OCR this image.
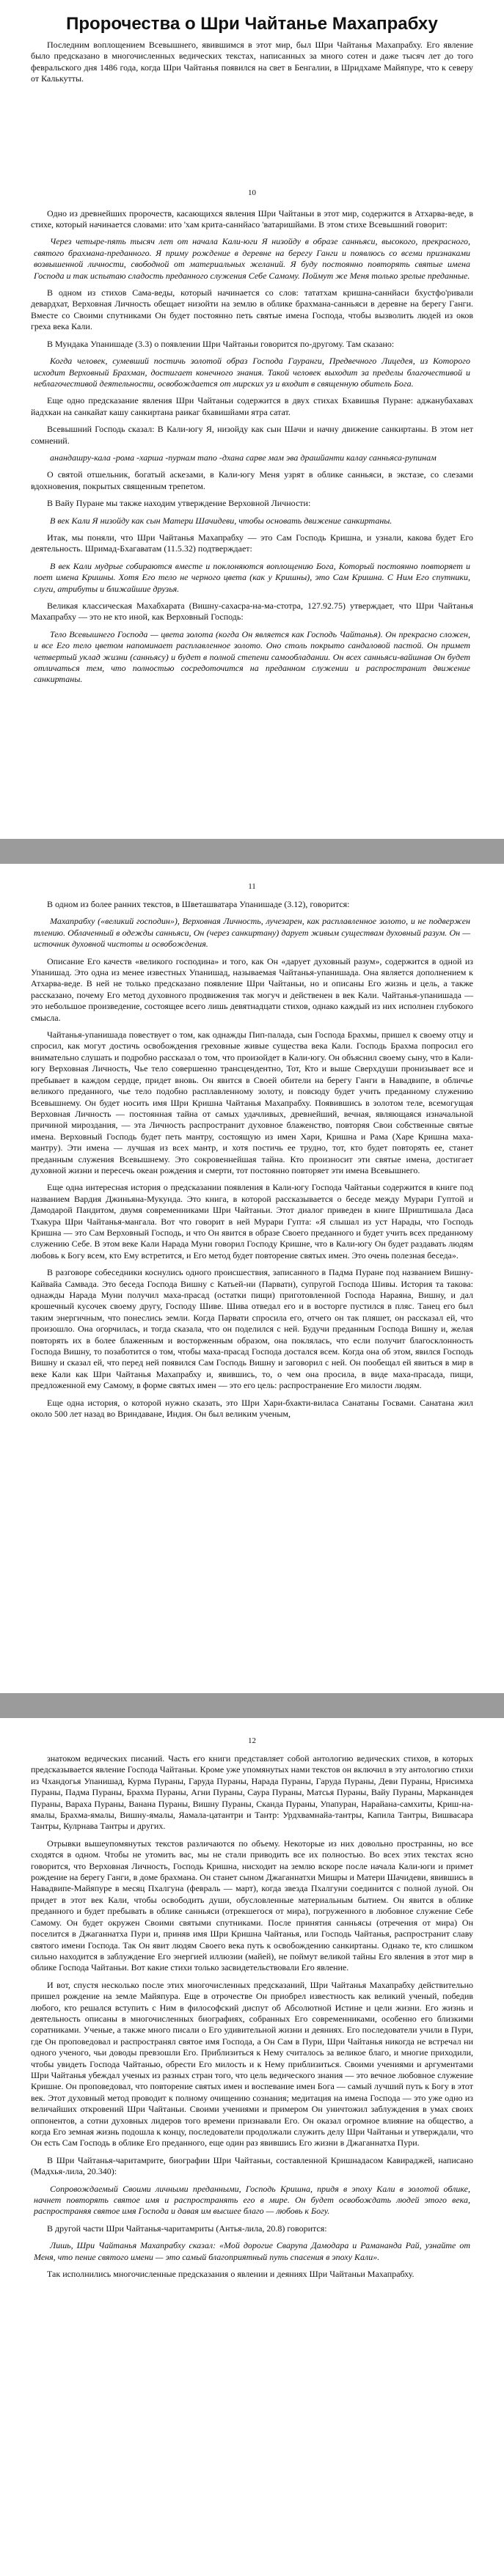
Пророчества о Шри Чайтанье Махапрабху

Последним воплощением Всевышнего, явившимся в этот мир, был Шри Чайтанья Махапрабху. Его явление было предсказано в многочисленных ведических текстах, написанных за много сотен и даже тысяч лет до того февральского дня 1486 года, когда Шри Чайтанья появился на свет в Бенгалии, в Шридхаме Майяпуре, что к северу от Калькутты.

10

Одно из древнейших пророчеств, касающихся явления Шри Чайтаньи в этот мир, содержится в Атхарва-веде, в стихе, который начинается словами: ито 'хам крита-саннйасо 'ватаришйами. В этом стихе Всевышний говорит:

Через четыре-пять тысяч лет от начала Кали-юги Я низойду в образе санньяси, высокого, прекрасного, святого брахмана-преданного. Я приму рождение в деревне на берегу Ганги и появлюсь со всеми признаками возвышенной личности, свободной от материальных желаний. Я буду постоянно повторять святые имена Господа и так испытаю сладость преданного служения Себе Самому. Поймут же Меня только зрелые преданные.

В одном из стихов Сама-веды, который начинается со слов: тататхам кришна-саннйаси бхустфо'ривали девардхат, Верховная Личность обещает низойти на землю в облике брахмана-санньяси в деревне на берегу Ганги. Вместе со Своими спутниками Он будет постоянно петь святые имена Господа, чтобы вызволить людей из оков греха века Кали.

В Мундака Упанишаде (3.3) о появлении Шри Чайтаньи говорится по-другому. Там сказано:

Когда человек, сумевший постичь золотой образ Господа Гауранги, Предвечного Лицедея, из Которого исходит Верховный Брахман, достигает конечного знания. Такой человек выходит за пределы благочестивой и неблагочестивой деятельности, освобождается от мирских уз и входит в священную обитель Бога.

Еще одно предсказание явления Шри Чайтаньи содержится в двух стихах Бхавишья Пуране: аджанубахавах йадхкан на санкайат кашу санкиртана раикаг бхавишйами ятра сатат.

Всевышний Господь сказал: В Кали-югу Я, низойду как сын Шачи и начну движение санкиртаны. В этом нет сомнений.

анандашру-кала -рома -харша -пурнам тапо -дхана сарве мам эва драшйанти калау санньяса-рупинам

О святой отшельник, богатый аскезами, в Кали-югу Меня узрят в облике санньяси, в экстазе, со слезами вдохновения, покрытых священным трепетом.

В Вайу Пуране мы также находим утверждение Верховной Личности:

В век Кали Я низойду как сын Матери Шачидеви, чтобы основать движение санкиртаны.

Итак, мы поняли, что Шри Чайтанья Махапрабху — это Сам Господь Кришна, и узнали, какова будет Его деятельность. Шримад-Бхагаватам (11.5.32) подтверждает:

В век Кали мудрые собираются вместе и поклоняются воплощению Бога, Который постоянно повторяет и поет имена Кришны. Хотя Его тело не черного цвета (как у Кришны), это Сам Кришна. С Ним Его спутники, слуги, атрибуты и ближайшие друзья.

Великая классическая Махабхарата (Вишну-сахасра-на-ма-стотра, 127.92.75) утверждает, что Шри Чайтанья Махапрабху — это не кто иной, как Верховный Господь:

Тело Всевышнего Господа — цвета золота (когда Он является как Господь Чайтанья). Он прекрасно сложен, и все Его тело цветом напоминает расплавленное золото. Оно столь покрыто сандаловой пастой. Он примет четвертый уклад жизни (санньясу) и будет в полной степени самообладании. Он всех санньяси-вайшнав Он будет отличаться тем, что полностью сосредоточится на преданном служении и распространит движение санкиртаны.

11

В одном из более ранних текстов, в Шветашватара Упанишаде (3.12), говорится:

Махапрабху («великий господин»), Верховная Личность, лучезарен, как расплавленное золото, и не подвержен тлению. Облаченный в одежды санньяси, Он (через санкиртану) дарует живым существам духовный разум. Он — источник духовной чистоты и освобождения.

Описание Его качеств «великого господина» и того, как Он «дарует духовный разум», содержится в одной из Упанишад. Это одна из менее известных Упанишад, называемая Чайтанья-упанишада. Она является дополнением к Атхарва-веде. В ней не только предсказано появление Шри Чайтаньи, но и описаны Его жизнь и цель, а также рассказано, почему Его метод духовного продвижения так могуч и действенен в век Кали. Чайтанья-упанишада — это небольшое произведение, состоящее всего лишь девятнадцати стихов, однако каждый из них исполнен глубокого смысла.

Чайтанья-упанишада повествует о том, как однажды Пип-палада, сын Господа Брахмы, пришел к своему отцу и спросил, как могут достичь освобождения греховные живые существа века Кали. Господь Брахма попросил его внимательно слушать и подробно рассказал о том, что произойдет в Кали-югу. Он объяснил своему сыну, что в Кали-югу Верховная Личность, Чье тело совершенно трансцендентно, Тот, Кто и выше Сверхдуши пронизывает все и пребывает в каждом сердце, придет вновь. Он явится в Своей обители на берегу Ганги в Навадвипе, в обличье великого преданного, чье тело подобно расплавленному золоту, и повсюду будет учить преданному служению Всевышнему. Он будет носить имя Шри Кришна Чайтанья Махапрабху. Появившись в золотом теле, всемогущая Верховная Личность — постоянная тайна от самых удачливых, древнейший, вечная, являющаяся изначальной причиной мироздания, — эта Личность распространит духовное блаженство, повторяя Свои собственные святые имена. Верховный Господь будет петь мантру, состоящую из имен Хари, Кришна и Рама (Харе Кришна маха-мантру). Эти имена — лучшая из всех мантр, и хотя постичь ее трудно, тот, кто будет повторять ее, станет преданным служения Всевышнему. Это сокровеннейшая тайна. Кто произносит эти святые имена, достигает духовной жизни и пересечь океан рождения и смерти, тот постоянно повторяет эти имена Всевышнего.

Еще одна интересная история о предсказании появления в Кали-югу Господа Чайтаньи содержится в книге под названием Вардия Джиньяна-Мукунда. Это книга, в которой рассказывается о беседе между Мурари Гуптой и Дамодарой Пандитом, двумя современниками Шри Чайтаньи. Этот диалог приведен в книге Шриштишала Даса Тхакура Шри Чайтанья-мангала. Вот что говорит в ней Мурари Гупта: «Я слышал из уст Нарады, что Господь Кришна — это Сам Верховный Господь, и что Он явится в образе Своего преданного и будет учить всех преданному служению Себе. В этом веке Кали Нарада Муни говорил Господу Кришне, что в Кали-югу Он будет раздавать людям любовь к Богу всем, кто Ему встретится, и Его метод будет повторение святых имен. Это очень полезная беседа».

В разговоре собеседники коснулись одного происшествия, записанного в Падма Пуране под названием Вишну-Кайвайа Самвада. Это беседа Господа Вишну с Катьей-ни (Парвати), супругой Господа Шивы. История та такова: однажды Нарада Муни получил маха-прасад (остатки пищи) приготовленной Господа Нараяна, Вишну, и дал крошечный кусочек своему другу, Господу Шиве. Шива отведал его и в восторге пустился в пляс. Танец его был таким энергичным, что понеслись земли. Когда Парвати спросила его, отчего он так пляшет, он рассказал ей, что произошло. Она огорчилась, и тогда сказала, что он поделился с ней. Будучи преданным Господа Вишну и, желая повторять их в более блаженным и восторженным образом, она поклялась, что если получит благосклонность Господа Вишну, то позаботится о том, чтобы маха-прасад Господа достался всем. Когда она об этом, явился Господь Вишну и сказал ей, что перед ней появился Сам Господь Вишну и заговорил с ней. Он пообещал ей явиться в мир в веке Кали как Шри Чайтанья Махапрабху и, явившись, то, о чем она просила, в виде маха-прасада, пищи, предложенной ему Самому, в форме святых имен — это его цель: распространение Его милости людям.

Еще одна история, о которой нужно сказать, это Шри Хари-бхакти-виласа Санатаны Госвами. Санатана жил около 500 лет назад во Вриндаване, Индия. Он был великим ученым,

12

знатоком ведических писаний. Часть его книги представляет собой антологию ведических стихов, в которых предсказывается явление Господа Чайтаньи. Кроме уже упомянутых нами текстов он включил в эту антологию стихи из Чхандогья Упанишад, Курма Пураны, Гаруда Пураны, Нарада Пураны, Гаруда Пураны, Деви Пураны, Нрисимха Пураны, Падма Пураны, Брахма Пураны, Агни Пураны, Саура Пураны, Матсья Пураны, Вайу Пураны, Марканндея Пураны, Варахa Пураны, Ванана Пураны, Вишну Пураны, Сканда Пураны, Упапуран, Нарайана-самхиты, Криш-на-ямалы, Брахма-ямалы, Вишну-ямалы, Яамала-цатантри и Тантр: Урдхвамнайа-тантры, Капила Тантры, Вишвасара Тантры, Кулрнава Тантры и других.

Отрывки вышеупомянутых текстов различаются по объему. Некоторые из них довольно пространны, но все сходятся в одном. Чтобы не утомить вас, мы не стали приводить все их полностью. Во всех этих текстах ясно говорится, что Верховная Личность, Господь Кришна, нисходит на землю вскоре после начала Кали-юги и примет рождение на берегу Ганги, в доме брахмана. Он станет сыном Джаганнатхи Мишры и Матери Шачидеви, явившись в Навадвипе-Майяпуре в месяц Пхалгуна (февраль — март), когда звезда Пхалгуни соединится с полной луной. Он придет в этот век Кали, чтобы освободить души, обусловленные материальным бытием. Он явится в облике преданного и будет пребывать в облике санньяси (отрекшегося от мира), погруженного в любовное служение Себе Самому. Он будет окружен Своими святыми спутниками. После принятия санньясы (отречения от мира) Он поселится в Джаганнатха Пури и, приняв имя Шри Кришна Чайтанья, или Господь Чайтанья, распространит славу святого имени Господа. Так Он явит людям Своего века путь к освобождению санкиртаны. Однако те, кто слишком сильно находится в заблуждение Его энергией иллюзии (майей), не поймут великой тайны Его явления в этот мир в облике Господа Чайтаньи. Вот какие стихи только засвидетельствовали Его явление.

И вот, спустя несколько после этих многочисленных предсказаний, Шри Чайтанья Махапрабху действительно пришел рождение на земле Майяпура. Еще в отрочестве Он приобрел известность как великий ученый, победив любого, кто решался вступить с Ним в философский диспут об Абсолютной Истине и цели жизни. Его жизнь и деятельность описаны в многочисленных биографиях, собранных Его современниками, особенно его близкими соратниками. Ученые, а также много писали о Его удивительной жизни и деяниях. Его последователи учили в Пури, где Он проповедовал и распространял святое имя Господа, а Он Сам в Пури, Шри Чайтанья никогда не встречал ни одного ученого, чьи доводы превзошли Его. Приблизиться к Нему считалось за великое благо, и многие приходили, чтобы увидеть Господа Чайтанью, обрести Его милость и к Нему приблизиться. Своими учениями и аргументами Шри Чайтанья убеждал ученых из разных стран того, что цель ведического знания — это вечное любовное служение Кришне. Он проповедовал, что повторение святых имен и воспевание имен Бога — самый лучший путь к Богу в этот век. Этот духовный метод проводит к полному очищению сознания; медитация на имена Господа — это уже одно из величайших откровений Шри Чайтаньи. Своими учениями и примером Он уничтожил заблуждения в умах своих оппонентов, а сотни духовных лидеров того времени признавали Его. Он оказал огромное влияние на общество, а когда Его земная жизнь подошла к концу, последователи продолжали служить делу Шри Чайтаньи и утверждали, что Он есть Сам Господь в облике Его преданного, еще один раз явившись Его жизни в Джаганнатха Пури.

В Шри Чайтанья-чаритамрите, биографии Шри Чайтаньи, составленной Кришнадасом Кавираджей, написано (Мадхья-лила, 20.340):

Сопровождаемый Своими личными преданными, Господь Кришна, придя в эпоху Кали в золотой облике, начнет повторять святое имя и распространять его в мире. Он будет освобождать людей этого века, распространяя святое имя Господа и давая им высшее благо — любовь к Богу.

В другой части Шри Чайтанья-чаритамриты (Антья-лила, 20.8) говорится:

Лишь, Шри Чайтанья Махапрабху сказал: «Мой дорогие Сварупа Дамодара и Рамананда Рай, узнайте от Меня, что пение святого имени — это самый благоприятный путь спасения в эпоху Кали».

Так исполнились многочисленные предсказания о явлении и деяниях Шри Чайтаньи Махапрабху.
